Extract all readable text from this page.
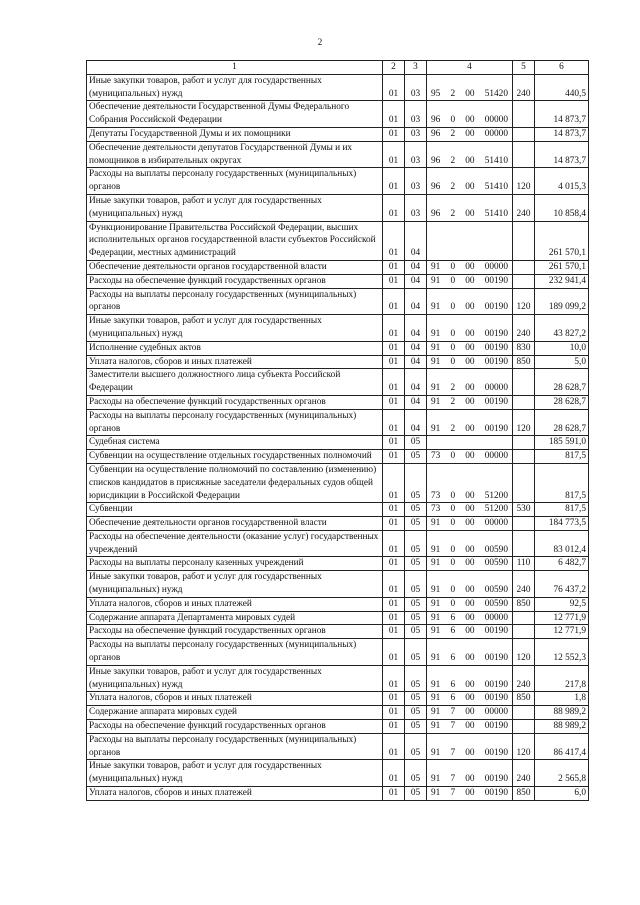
2
1	2	3	4	5	6
Иные закупки товаров, работ и услуг для государственных (муниципальных) нужд	01	03	95 2 00 51420	240	440,5
Обеспечение деятельности Государственной Думы Федерального Собрания Российской Федерации	01	03	96 0 00 00000		14 873,7
Депутаты Государственной Думы и их помощники	01	03	96 2 00 00000		14 873,7
Обеспечение деятельности депутатов Государственной Думы и их помощников в избирательных округах	01	03	96 2 00 51410		14 873,7
Расходы на выплаты персоналу государственных (муниципальных) органов	01	03	96 2 00 51410	120	4 015,3
Иные закупки товаров, работ и услуг для государственных (муниципальных) нужд	01	03	96 2 00 51410	240	10 858,4
Функционирование Правительства Российской Федерации, высших исполнительных органов государственной власти субъектов Российской Федерации, местных администраций	01	04			261 570,1
Обеспечение деятельности органов государственной власти	01	04	91 0 00 00000		261 570,1
Расходы на обеспечение функций государственных органов	01	04	91 0 00 00190		232 941,4
Расходы на выплаты персоналу государственных (муниципальных) органов	01	04	91 0 00 00190	120	189 099,2
Иные закупки товаров, работ и услуг для государственных (муниципальных) нужд	01	04	91 0 00 00190	240	43 827,2
Исполнение судебных актов	01	04	91 0 00 00190	830	10,0
Уплата налогов, сборов и иных платежей	01	04	91 0 00 00190	850	5,0
Заместители высшего должностного лица субъекта Российской Федерации	01	04	91 2 00 00000		28 628,7
Расходы на обеспечение функций государственных органов	01	04	91 2 00 00190		28 628,7
Расходы на выплаты персоналу государственных (муниципальных) органов	01	04	91 2 00 00190	120	28 628,7
Судебная система	01	05			185 591,0
Субвенции на осуществление отдельных государственных полномочий	01	05	73 0 00 00000		817,5
Субвенции на осуществление полномочий по составлению (изменению) списков кандидатов в присяжные заседатели федеральных судов общей юрисдикции в Российской Федерации	01	05	73 0 00 51200		817,5
Субвенции	01	05	73 0 00 51200	530	817,5
Обеспечение деятельности органов государственной власти	01	05	91 0 00 00000		184 773,5
Расходы на обеспечение деятельности (оказание услуг) государственных учреждений	01	05	91 0 00 00590		83 012,4
Расходы на выплаты персоналу казенных учреждений	01	05	91 0 00 00590	110	6 482,7
Иные закупки товаров, работ и услуг для государственных (муниципальных) нужд	01	05	91 0 00 00590	240	76 437,2
Уплата налогов, сборов и иных платежей	01	05	91 0 00 00590	850	92,5
Содержание аппарата Департамента мировых судей	01	05	91 6 00 00000		12 771,9
Расходы на обеспечение функций государственных органов	01	05	91 6 00 00190		12 771,9
Расходы на выплаты персоналу государственных (муниципальных) органов	01	05	91 6 00 00190	120	12 552,3
Иные закупки товаров, работ и услуг для государственных (муниципальных) нужд	01	05	91 6 00 00190	240	217,8
Уплата налогов, сборов и иных платежей	01	05	91 6 00 00190	850	1,8
Содержание аппарата мировых судей	01	05	91 7 00 00000		88 989,2
Расходы на обеспечение функций государственных органов	01	05	91 7 00 00190		88 989,2
Расходы на выплаты персоналу государственных (муниципальных) органов	01	05	91 7 00 00190	120	86 417,4
Иные закупки товаров, работ и услуг для государственных (муниципальных) нужд	01	05	91 7 00 00190	240	2 565,8
Уплата налогов, сборов и иных платежей	01	05	91 7 00 00190	850	6,0
